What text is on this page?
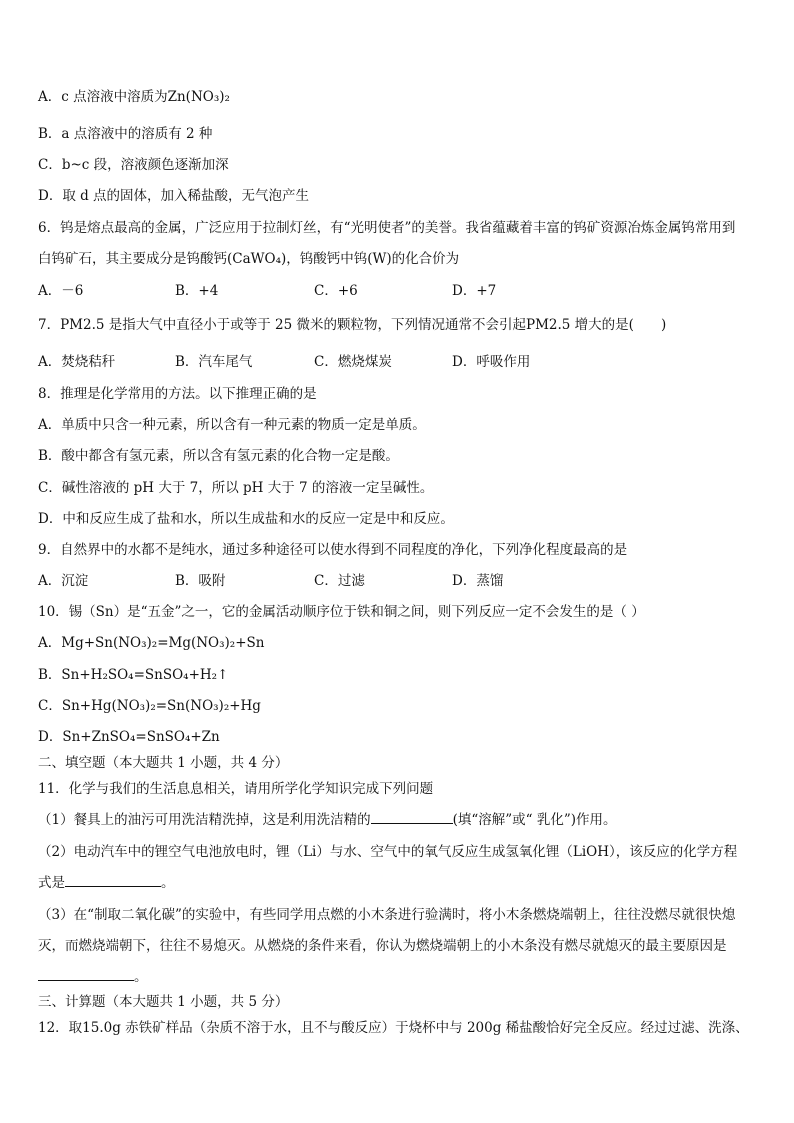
A．c 点溶液中溶质为Zn(NO₃)₂
B．a 点溶液中的溶质有 2 种
C．b~c 段，溶液颜色逐渐加深
D．取 d 点的固体，加入稀盐酸，无气泡产生
6．钨是熔点最高的金属，广泛应用于拉制灯丝，有“光明使者”的美誉。我省蕴藏着丰富的钨矿资源冶炼金属钨常用到
白钨矿石，其主要成分是钨酸钙(CaWO₄)，钨酸钙中钨(W)的化合价为
A．－6	B．+4	C．+6	D．+7
7．PM2.5 是指大气中直径小于或等于 25 微米的颗粒物，下列情况通常不会引起PM2.5 增大的是(　　)
A．焚烧秸秆	B．汽车尾气	C．燃烧煤炭	D．呼吸作用
8．推理是化学常用的方法。以下推理正确的是
A．单质中只含一种元素，所以含有一种元素的物质一定是单质。
B．酸中都含有氢元素，所以含有氢元素的化合物一定是酸。
C．碱性溶液的 pH 大于 7，所以 pH 大于 7 的溶液一定呈碱性。
D．中和反应生成了盐和水，所以生成盐和水的反应一定是中和反应。
9．自然界中的水都不是纯水，通过多种途径可以使水得到不同程度的净化，下列净化程度最高的是
A．沉淀	B．吸附	C．过滤	D．蒸馏
10．锡（Sn）是“五金”之一，它的金属活动顺序位于铁和铜之间，则下列反应一定不会发生的是（ ）
A．Mg+Sn(NO₃)₂=Mg(NO₃)₂+Sn
B．Sn+H₂SO₄=SnSO₄+H₂↑
C．Sn+Hg(NO₃)₂=Sn(NO₃)₂+Hg
D．Sn+ZnSO₄=SnSO₄+Zn
二、填空题（本大题共 1 小题，共 4 分）
11．化学与我们的生活息息相关，请用所学化学知识完成下列问题
（1）餐具上的油污可用洗洁精洗掉，这是利用洗洁精的	(填“溶解”或“ 乳化”)作用。
（2）电动汽车中的锂空气电池放电时，锂（Li）与水、空气中的氧气反应生成氢氧化锂（LiOH），该反应的化学方程
式是	。
（3）在“制取二氧化碳”的实验中，有些同学用点燃的小木条进行验满时，将小木条燃烧端朝上，往往没燃尽就很快熄
灭，而燃烧端朝下，往往不易熄灭。从燃烧的条件来看，你认为燃烧端朝上的小木条没有燃尽就熄灭的最主要原因是
。
三、计算题（本大题共 1 小题，共 5 分）
12．取15.0g 赤铁矿样品（杂质不溶于水，且不与酸反应）于烧杯中与 200g 稀盐酸恰好完全反应。经过过滤、洗涤、
